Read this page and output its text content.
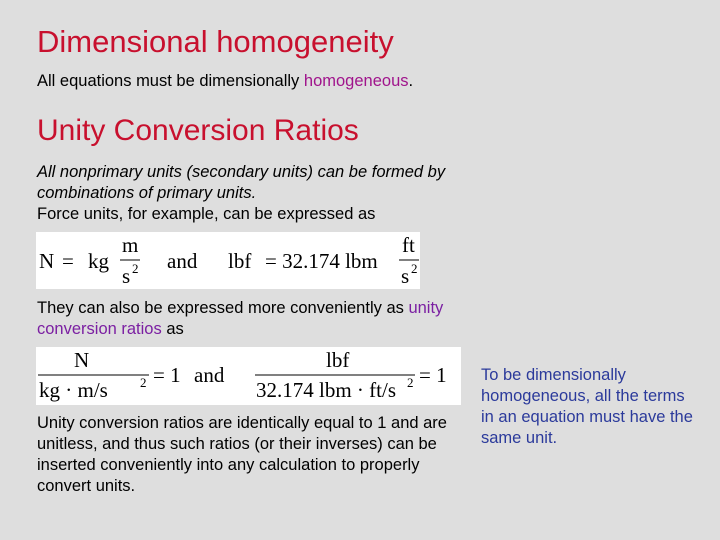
Dimensional homogeneity
All equations must be dimensionally homogeneous.
Unity Conversion Ratios
All nonprimary units (secondary units) can be formed by combinations of primary units.
Force units, for example, can be expressed as
N = kg
m
s 2 and lbf = 32.174 lbm
ft
s 2
They can also be expressed more conveniently as unity conversion ratios as
N
kg · m/s 2 = 1 and
lbf
32.174 lbm · ft/s 2 = 1
Unity conversion ratios are identically equal to 1 and are unitless, and thus such ratios (or their inverses) can be inserted conveniently into any calculation to properly convert units.
To be dimensionally homogeneous, all the terms in an equation must have the same unit.
